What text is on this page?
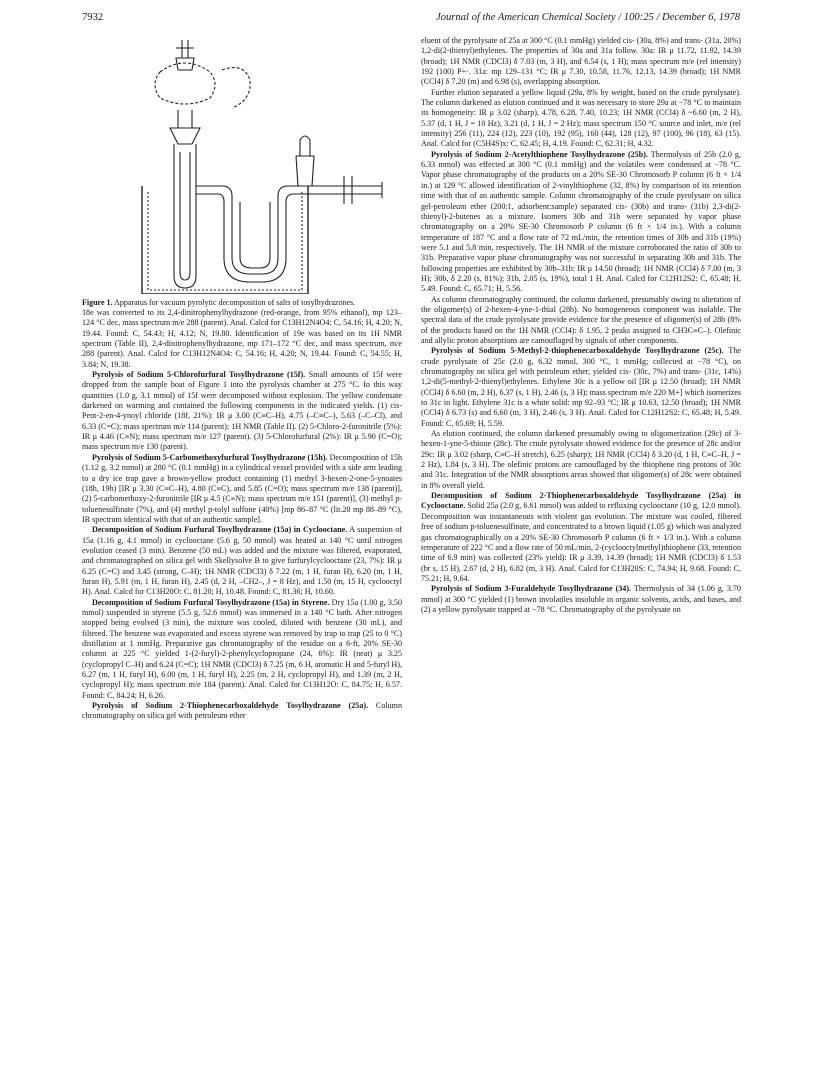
7932	Journal of the American Chemical Society / 100:25 / December 6, 1978

Figure 1. Apparatus for vacuum pyrolytic decomposition of salts of tosylhydrazones.

18e was converted to its 2,4-dinitrophenylhydrazone (red-orange, from 95% ethanol), mp 123–124 °C dec, mass spectrum m/e 288 (parent). Anal. Calcd for C13H12N4O4: C, 54.16; H, 4.20; N, 19.44. Found: C, 54.43; H, 4.12; N, 19.80. Identification of 19e was based on its 1H NMR spectrum (Table II), 2,4-dinitrophenylhydrazone, mp 171–172 °C dec, and mass spectrum, m/e 288 (parent). Anal. Calcd for C13H12N4O4: C, 54.16; H, 4.20; N, 19.44. Found: C, 54.55; H, 3.84; N, 19.38.

Pyrolysis of Sodium 5-Chlorofurfural Tosylhydrazone (15f). Small amounts of 15f were dropped from the sample boat of Figure 1 into the pyrolysis chamber at 275 °C. In this way quantities (1.0 g, 3.1 mmol) of 15f were decomposed without explosion. The yellow condensate darkened on warming and contained the following components in the indicated yields. (1) cis-Pent-2-en-4-ynoyl chloride (18f, 21%): IR μ 3.00 (C≡C–H), 4.75 (–C≡C–), 5.63 (–C–Cl), and 6.33 (C=C); mass spectrum m/e 114 (parent); 1H NMR (Table II). (2) 5-Chloro-2-furonitrile (5%): IR μ 4.46 (C≡N); mass spectrum m/e 127 (parent). (3) 5-Chlorofurfural (2%): IR μ 5.90 (C=O); mass spectrum m/e 130 (parent).

Pyrolysis of Sodium 5-Carbomethoxyfurfural Tosylhydrazone (15h). Decomposition of 15h (1.12 g, 3.2 mmol) at 280 °C (0.1 mmHg) in a cylindrical vessel provided with a side arm leading to a dry ice trap gave a brown-yellow product containing (1) methyl 3-hexen-2-one-5-ynoates (18h, 19h) [IR μ 3.30 (C≡C–H), 4.80 (C≡C), and 5.85 (C=O); mass spectrum m/e 138 (parent)], (2) 5-carbomethoxy-2-furonitrile [IR μ 4.5 (C≡N); mass spectrum m/e 151 (parent)], (3) methyl p-toluenesulfinate (7%), and (4) methyl p-tolyl sulfone (40%) [mp 86–87 °C (lit.20 mp 88–89 °C), IR spectrum identical with that of an authentic sample].

Decomposition of Sodium Furfural Tosylhydrazone (15a) in Cyclooctane. A suspension of 15a (1.16 g, 4.1 mmol) in cyclooctane (5.6 g, 50 mmol) was heated at 140 °C until nitrogen evolution ceased (3 min). Benzene (50 mL) was added and the mixture was filtered, evaporated, and chromatographed on silica gel with Skellysolve B to give furfurylcyclooctane (23, 7%): IR μ 6.25 (C=C) and 3.45 (strong, C–H); 1H NMR (CDCl3) δ 7.22 (m, 1 H, furan H), 6.20 (m, 1 H, furan H), 5.91 (m, 1 H, furan H), 2.45 (d, 2 H, –CH2–, J = 8 Hz), and 1.50 (m, 15 H, cyclooctyl H). Anal. Calcd for C13H20O: C, 81.20; H, 10.48. Found: C, 81.36; H, 10.60.

Decomposition of Sodium Furfural Tosylhydrazone (15a) in Styrene. Dry 15a (1.00 g, 3.50 mmol) suspended in styrene (5.5 g, 52.6 mmol) was immersed in a 140 °C bath. After nitrogen stopped being evolved (3 min), the mixture was cooled, diluted with benzene (30 mL), and filtered. The benzene was evaporated and excess styrene was removed by trap to trap (25 to 0 °C) distillation at 1 mmHg. Preparative gas chromatography of the residue on a 6-ft, 20% SE-30 column at 225 °C yielded 1-(2-furyl)-2-phenylcyclopropane (24, 6%): IR (neat) μ 3.25 (cyclopropyl C–H) and 6.24 (C=C); 1H NMR (CDCl3) δ 7.25 (m, 6 H, aromatic H and 5-furyl H), 6.27 (m, 1 H, furyl H), 6.00 (m, 1 H, furyl H), 2.25 (m, 2 H, cyclopropyl H), and 1.39 (m, 2 H, cyclopropyl H); mass spectrum m/e 184 (parent). Anal. Calcd for C13H12O: C, 84.75; H, 6.57. Found: C, 84.24; H, 6.26.

Pyrolysis of Sodium 2-Thiophenecarboxaldehyde Tosylhydrazone (25a). Column chromatography on silica gel with petroleum ether

eluent of the pyrolysate of 25a at 300 °C (0.1 mmHg) yielded cis- (30a, 8%) and trans- (31a, 20%) 1,2-di(2-thienyl)ethylenes. The properties of 30a and 31a follow. 30a: IR μ 11.72, 11.92, 14.39 (broad); 1H NMR (CDCl3) δ 7.03 (m, 3 H), and 6.54 (s, 1 H); mass spectrum m/e (rel intensity) 192 (100) P+·. 31a: mp 129–131 °C; IR μ 7.30, 10.58, 11.76, 12.13, 14.39 (broad); 1H NMR (CCl4) δ 7.20 (m) and 6.98 (s), overlapping absorption.

Further elution separated a yellow liquid (29a, 8% by weight, based on the crude pyrolysate). The column darkened as elution continued and it was necessary to store 29a at −78 °C to maintain its homogeneity: IR μ 3.02 (sharp), 4.78, 6.28, 7.40, 10.23; 1H NMR (CCl4) δ ~6.60 (m, 2 H), 5.37 (d, 1 H, J = 10 Hz), 3.21 (d, 1 H, J = 2 Hz); mass spectrum 150 °C source and inlet, m/e (rel intensity) 256 (11), 224 (12), 223 (10), 192 (95), 160 (44), 128 (12), 97 (100), 96 (18), 63 (15). Anal. Calcd for (C5H4S)x: C, 62.45; H, 4.19. Found: C, 62.31; H, 4.32.

Pyrolysis of Sodium 2-Acetylthiophene Tosylhydrazone (25b). Thermolysis of 25b (2.0 g, 6.33 mmol) was effected at 300 °C (0.1 mmHg) and the volatiles were condensed at −78 °C. Vapor phase chromatography of the products on a 20% SE-30 Chromosorb P column (6 ft × 1/4 in.) at 129 °C allowed identification of 2-vinylthiophene (32, 8%) by comparison of its retention time with that of an authentic sample. Column chromatography of the crude pyrolysate on silica gel-petroleum ether (200:1, adsorbent:sample) separated cis- (30b) and trans- (31b) 2,3-di(2-thienyl)-2-butenes as a mixture. Isomers 30b and 31b were separated by vapor phase chromatography on a 20% SE-30 Chromosorb P column (6 ft × 1/4 in.). With a column temperature of 187 °C and a flow rate of 72 mL/min, the retention times of 30b and 31b (19%) were 5.1 and 5.8 min, respectively. The 1H NMR of the mixture corroborated the ratio of 30b to 31b. Preparative vapor phase chromatography was not successful in separating 30b and 31b. The following properties are exhibited by 30b–31b: IR μ 14.50 (broad); 1H NMR (CCl4) δ 7.00 (m, 3 H); 30b, δ 2.20 (s, 81%); 31b, 2.05 (s, 19%), total 1 H. Anal. Calcd for C12H12S2: C, 65.48; H, 5.49. Found: C, 65.71; H, 5.56.

As column chromatography continued, the column darkened, presumably owing to alteration of the oligomer(s) of 2-hexen-4-yne-1-thial (28b). No homogeneous component was isolable. The spectral data of the crude pyrolysate provide evidence for the presence of oligomer(s) of 28b (8% of the products based on the 1H NMR (CCl4): δ 1.95, 2 peaks assigned to CH3C≡C–). Olefinic and allylic proton absorptions are camouflaged by signals of other components.

Pyrolysis of Sodium 5-Methyl-2-thiophenecarboxaldehyde Tosylhydrazone (25c). The crude pyrolysate of 25c (2.0 g, 6.32 mmol, 300 °C, 1 mmHg; collected at −78 °C), on chromatography on silica gel with petroleum ether, yielded cis- (30c, 7%) and trans- (31c, 14%) 1,2-di(5-methyl-2-thienyl)ethylenes. Ethylene 30c is a yellow oil [IR μ 12.50 (broad); 1H NMR (CCl4) δ 6.60 (m, 2 H), 6.37 (s, 1 H), 2.46 (s, 3 H); mass spectrum m/e 220 M+] which isomerizes to 31c in light. Ethylene 31c is a white solid: mp 92–93 °C; IR μ 10.63, 12.50 (broad); 1H NMR (CCl4) δ 6.73 (s) and 6.60 (m, 3 H), 2.46 (s, 3 H). Anal. Calcd for C12H12S2: C, 65.48; H, 5.49. Found: C, 65.69; H, 5.59.

As elution continued, the column darkened presumably owing to oligomerization (29c) of 3-hexen-1-yne-5-thione (28c). The crude pyrolysate showed evidence for the presence of 28c and/or 29c: IR μ 3.02 (sharp, C≡C–H stretch), 6.25 (sharp); 1H NMR (CCl4) δ 3.20 (d, 1 H, C≡C–H, J = 2 Hz), 1.84 (s, 3 H). The olefinic protons are camouflaged by the thiophene ring protons of 30c and 31c. Integration of the NMR absorptions areas showed that oligomer(s) of 28c were obtained in 8% overall yield.

Decomposition of Sodium 2-Thiophenecarboxaldehyde Tosylhydrazone (25a) in Cyclooctane. Solid 25a (2.0 g, 6.61 mmol) was added to refluxing cyclooctane (10 g, 12.0 mmol). Decomposition was instantaneous with violent gas evolution. The mixture was cooled, filtered free of sodium p-toluenesulfinate, and concentrated to a brown liquid (1.05 g) which was analyzed gas chromatographically on a 20% SE-30 Chromosorb P column (6 ft × 1/3 in.). With a column temperature of 222 °C and a flow rate of 50 mL/min, 2-(cyclooctylmethyl)thiophene (33, retention time of 6.9 min) was collected (23% yield): IR μ 3.39, 14.39 (broad); 1H NMR (CDCl3) δ 1.53 (br s, 15 H), 2.67 (d, 2 H), 6.82 (m, 3 H). Anal. Calcd for C13H20S: C, 74.94; H, 9.68. Found: C, 75.21; H, 9.64.

Pyrolysis of Sodium 3-Furaldehyde Tosylhydrazone (34). Thermolysis of 34 (1.06 g, 3.70 mmol) at 300 °C yielded (1) brown involatiles insoluble in organic solvents, acids, and bases, and (2) a yellow pyrolysate trapped at −78 °C. Chromatography of the pyrolysate on
